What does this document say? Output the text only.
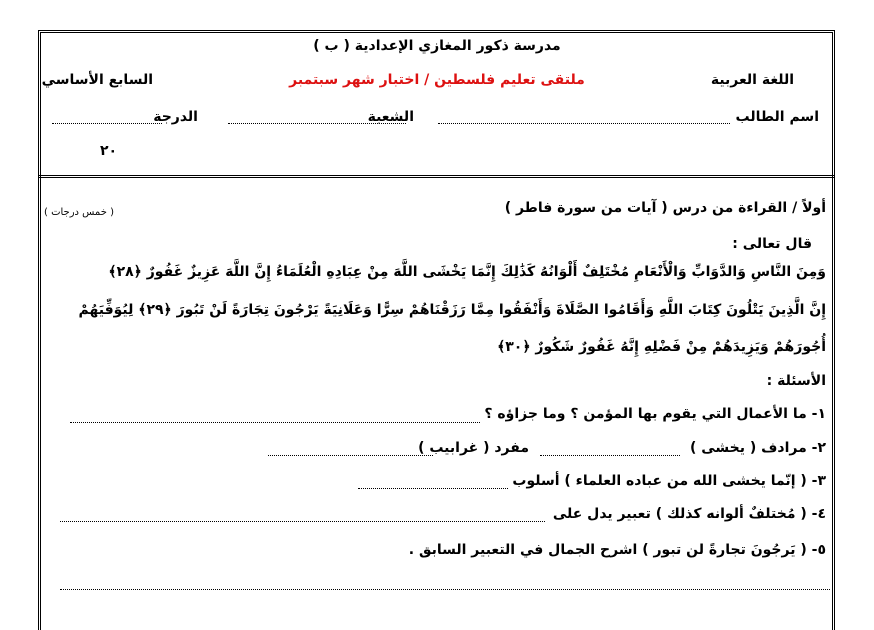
مدرسة ذكور المغازي الإعدادية ( ب )
اللغة العربية
ملتقى تعليم فلسطين / اختبار شهر سبتمبر
السابع الأساسي
اسم الطالب
الشعبة
الدرجة
٢٠
أولاً / القراءة من درس ( آيات من سورة فاطر )
( خمس درجات )
قال تعالى :
وَمِنَ النَّاسِ وَالدَّوَابِّ وَالْأَنْعَامِ مُخْتَلِفٌ أَلْوَانُهُ كَذَٰلِكَ إِنَّمَا يَخْشَى اللَّهَ مِنْ عِبَادِهِ الْعُلَمَاءُ إِنَّ اللَّهَ عَزِيزٌ غَفُورٌ ﴿٢٨﴾
إِنَّ الَّذِينَ يَتْلُونَ كِتَابَ اللَّهِ وَأَقَامُوا الصَّلَاةَ وَأَنْفَقُوا مِمَّا رَزَقْنَاهُمْ سِرًّا وَعَلَانِيَةً يَرْجُونَ تِجَارَةً لَنْ تَبُورَ ﴿٢٩﴾ لِيُوَفِّيَهُمْ
أُجُورَهُمْ وَيَزِيدَهُمْ مِنْ فَضْلِهِ إِنَّهُ غَفُورٌ شَكُورٌ ﴿٣٠﴾
الأسئلة :
١- ما الأعمال التي يقوم بها المؤمن ؟ وما جزاؤه ؟
٢- مرادف ( يخشى )
مفرد ( غرابيب )
٣- ( إنّما يخشى الله من عباده العلماء ) أسلوب
٤- ( مُختلفٌ ألوانه كذلك ) تعبير يدل على
٥- ( يَرجُونَ تجارةً لن تبور ) اشرح الجمال في التعبير السابق .
